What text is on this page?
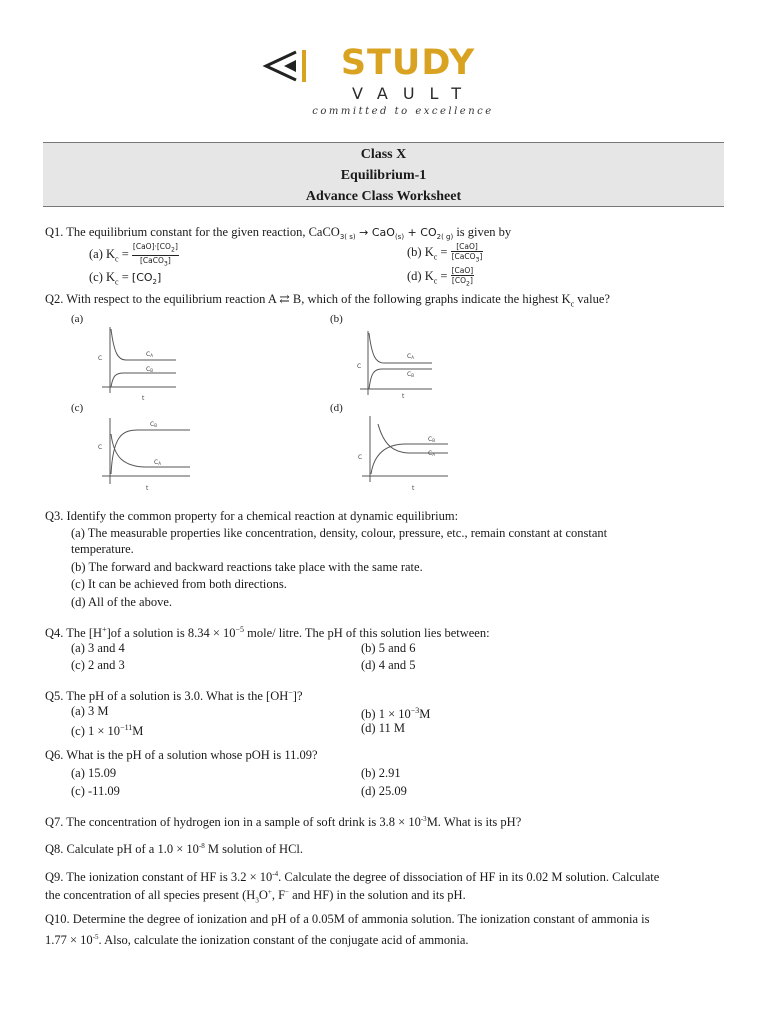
STUDY
VAULT
committed to excellence
Class X
Equilibrium-1
Advance Class Worksheet
Q1. The equilibrium constant for the given reaction, CaCO$_{3( s)}$ → $CaO_{(s)} + CO_{2( g)}$ is given by
(a) $K_c = \frac{[CaO]\cdot[CO_2]}{[CaCO_3]}$	(b) $K_c = \frac{\text{[CaO]}}{[CaCO_3]}$
(c) $K_c = [CO_2]$	(d) $K_c = \frac{\text{[CaO]}}{[CO_2]}$
Q2. With respect to the equilibrium reaction A ⇄ B, which of the following graphs indicate the highest $K_c$ value?
(a)	(b)
(c)	(d)
C
t
CA
CB
C
t
CA
CB
C
t
CB
CA
C
t
CB
CA
Q3. Identify the common property for a chemical reaction at dynamic equilibrium:
(a) The measurable properties like concentration, density, colour, pressure, etc., remain constant at constant
temperature.
(b) The forward and backward reactions take place with the same rate.
(c) It can be achieved from both directions.
(d) All of the above.
Q4. The [H+]of a solution is $8.34 \times 10^{-5}$ mole/ litre. The pH of this solution lies between:
(a) 3 and 4	(b) 5 and 6
(c) 2 and 3	(d) 4 and 5
Q5. The pH of a solution is 3.0. What is the [OH−]?
(a) 3 M	(b) $1 \times 10^{-3}M$
(c) $1 \times 10^{-11}M$	(d) 11 M
Q6. What is the pH of a solution whose pOH is 11.09?
(a) 15.09	(b) 2.91
(c) -11.09	(d) 25.09
Q7. The concentration of hydrogen ion in a sample of soft drink is $3.8 \times 10^{-3}M$. What is its pH?
Q8. Calculate pH of a $1.0 \times 10^{-8}$ M solution of HCl.
Q9. The ionization constant of HF is $3.2 \times 10^{-4}$. Calculate the degree of dissociation of HF in its 0.02 M solution. Calculate
the concentration of all species present ($H_3O^+$, F− and HF) in the solution and its pH.
Q10. Determine the degree of ionization and pH of a 0.05M of ammonia solution. The ionization constant of ammonia is
$1.77 \times 10^{-5}$. Also, calculate the ionization constant of the conjugate acid of ammonia.
